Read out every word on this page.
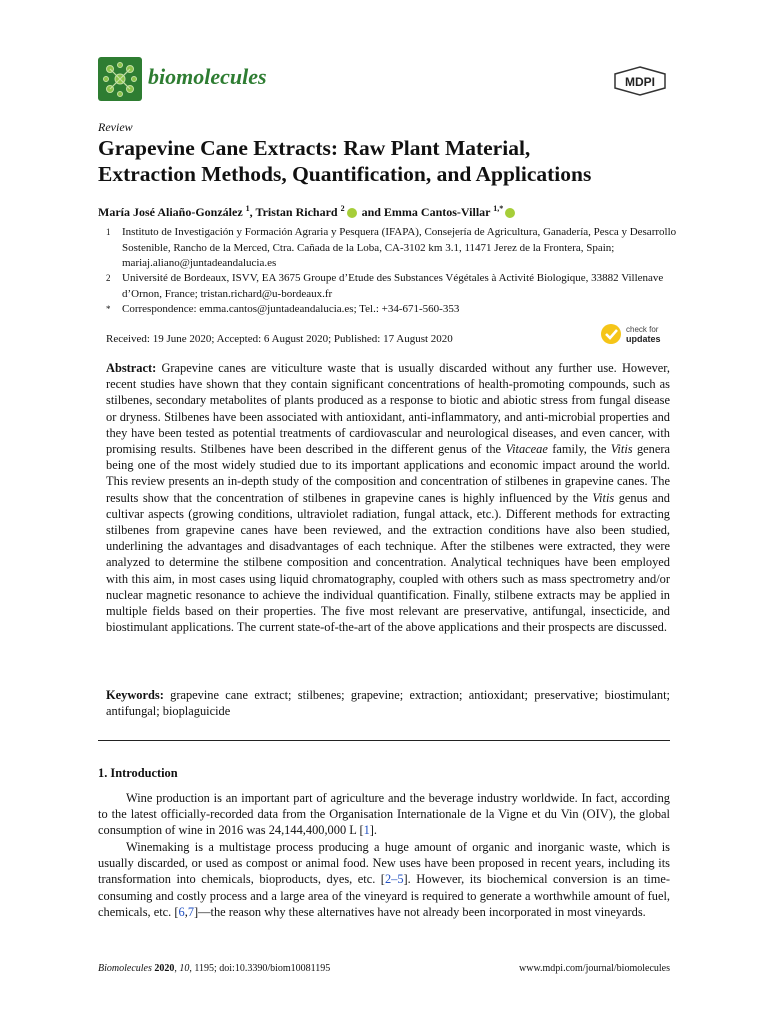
biomolecules	MDPI
Review
Grapevine Cane Extracts: Raw Plant Material,
Extraction Methods, Quantification, and Applications
María José Aliaño-González $^1$, Tristan Richard $^2$ and Emma Cantos-Villar $^{1,*}$
1 Instituto de Investigación y Formación Agraria y Pesquera (IFAPA), Consejería de Agricultura, Ganadería, Pesca y Desarrollo Sostenible, Rancho de la Merced, Ctra. Cañada de la Loba, CA-3102 km 3.1, 11471 Jerez de la Frontera, Spain; mariaj.aliano@juntadeandalucia.es
2 Université de Bordeaux, ISVV, EA 3675 Groupe d’Etude des Substances Végétales à Activité Biologique, 33882 Villenave d’Ornon, France; tristan.richard@u-bordeaux.fr
* Correspondence: emma.cantos@juntadeandalucia.es; Tel.: +34-671-560-353
Received: 19 June 2020; Accepted: 6 August 2020; Published: 17 August 2020
check for
updates
Abstract: Grapevine canes are viticulture waste that is usually discarded without any further use. However, recent studies have shown that they contain significant concentrations of health-promoting compounds, such as stilbenes, secondary metabolites of plants produced as a response to biotic and abiotic stress from fungal disease or dryness. Stilbenes have been associated with antioxidant, anti-inflammatory, and anti-microbial properties and they have been tested as potential treatments of cardiovascular and neurological diseases, and even cancer, with promising results. Stilbenes have been described in the different genus of the Vitaceae family, the Vitis genera being one of the most widely studied due to its important applications and economic impact around the world. This review presents an in-depth study of the composition and concentration of stilbenes in grapevine canes. The results show that the concentration of stilbenes in grapevine canes is highly influenced by the Vitis genus and cultivar aspects (growing conditions, ultraviolet radiation, fungal attack, etc.). Different methods for extracting stilbenes from grapevine canes have been reviewed, and the extraction conditions have also been studied, underlining the advantages and disadvantages of each technique. After the stilbenes were extracted, they were analyzed to determine the stilbene composition and concentration. Analytical techniques have been employed with this aim, in most cases using liquid chromatography, coupled with others such as mass spectrometry and/or nuclear magnetic resonance to achieve the individual quantification. Finally, stilbene extracts may be applied in multiple fields based on their properties. The five most relevant are preservative, antifungal, insecticide, and biostimulant applications. The current state-of-the-art of the above applications and their prospects are discussed.
Keywords: grapevine cane extract; stilbenes; grapevine; extraction; antioxidant; preservative; biostimulant; antifungal; bioplaguicide
1. Introduction
Wine production is an important part of agriculture and the beverage industry worldwide. In fact, according to the latest officially-recorded data from the Organisation Internationale de la Vigne et du Vin (OIV), the global consumption of wine in 2016 was 24,144,400,000 L [1].
Winemaking is a multistage process producing a huge amount of organic and inorganic waste, which is usually discarded, or used as compost or animal food. New uses have been proposed in recent years, including its transformation into chemicals, bioproducts, dyes, etc. [2–5]. However, its biochemical conversion is an time-consuming and costly process and a large area of the vineyard is required to generate a worthwhile amount of fuel, chemicals, etc. [6,7]—the reason why these alternatives have not already been incorporated in most vineyards.
Biomolecules 2020, 10, 1195; doi:10.3390/biom10081195	www.mdpi.com/journal/biomolecules
